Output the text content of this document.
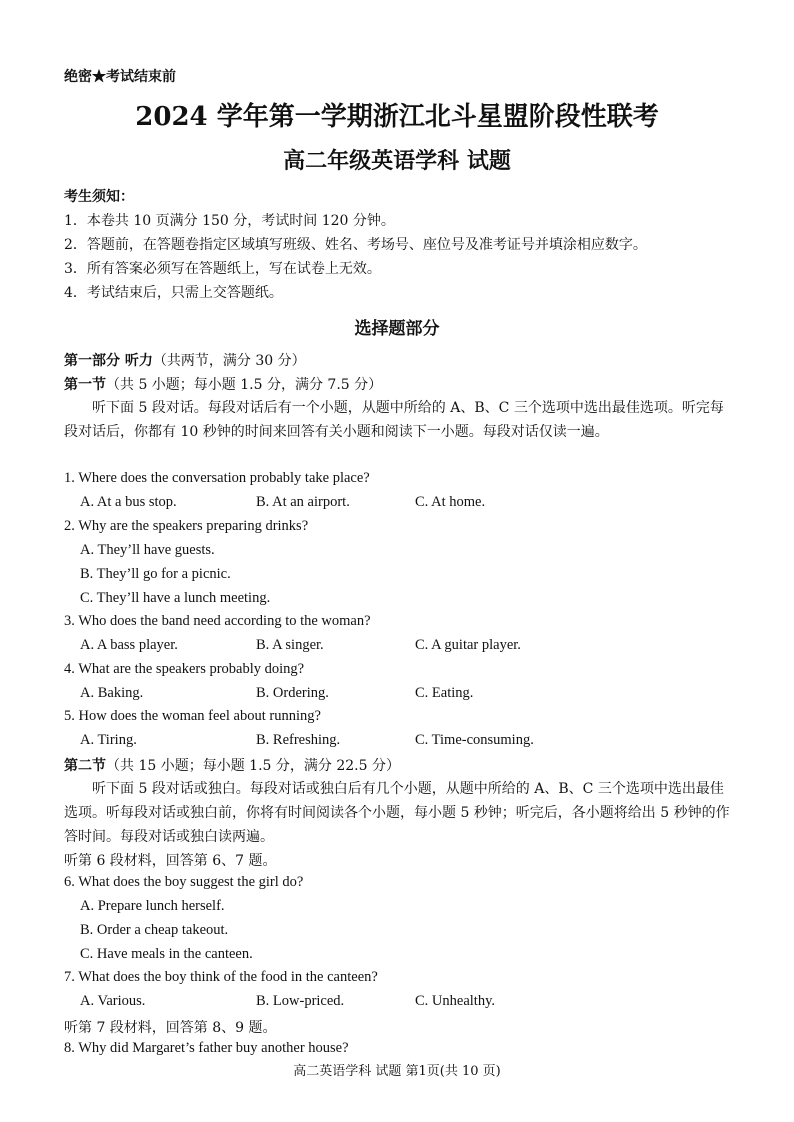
绝密★考试结束前
2024 学年第一学期浙江北斗星盟阶段性联考
高二年级英语学科 试题
考生须知：
1．本卷共 10 页满分 150 分，考试时间 120 分钟。
2．答题前，在答题卷指定区域填写班级、姓名、考场号、座位号及准考证号并填涂相应数字。
3．所有答案必须写在答题纸上，写在试卷上无效。
4．考试结束后，只需上交答题纸。
选择题部分
第一部分 听力（共两节，满分 30 分）
第一节（共 5 小题；每小题 1.5 分，满分 7.5 分）
听下面 5 段对话。每段对话后有一个小题，从题中所给的 A、B、C 三个选项中选出最佳选项。听完每段对话后，你都有 10 秒钟的时间来回答有关小题和阅读下一小题。每段对话仅读一遍。
1. Where does the conversation probably take place?
A. At a bus stop.	B. At an airport.	C. At home.
2. Why are the speakers preparing drinks?
A. They’ll have guests.
B. They’ll go for a picnic.
C. They’ll have a lunch meeting.
3. Who does the band need according to the woman?
A. A bass player.	B. A singer.	C. A guitar player.
4. What are the speakers probably doing?
A. Baking.	B. Ordering.	C. Eating.
5. How does the woman feel about running?
A. Tiring.	B. Refreshing.	C. Time-consuming.
第二节（共 15 小题；每小题 1.5 分，满分 22.5 分）
听下面 5 段对话或独白。每段对话或独白后有几个小题，从题中所给的 A、B、C 三个选项中选出最佳选项。听每段对话或独白前，你将有时间阅读各个小题，每小题 5 秒钟；听完后，各小题将给出 5 秒钟的作答时间。每段对话或独白读两遍。
听第 6 段材料，回答第 6、7 题。
6. What does the boy suggest the girl do?
A. Prepare lunch herself.
B. Order a cheap takeout.
C. Have meals in the canteen.
7. What does the boy think of the food in the canteen?
A. Various.	B. Low-priced.	C. Unhealthy.
听第 7 段材料，回答第 8、9 题。
8. Why did Margaret’s father buy another house?
高二英语学科 试题 第1页(共 10 页)
